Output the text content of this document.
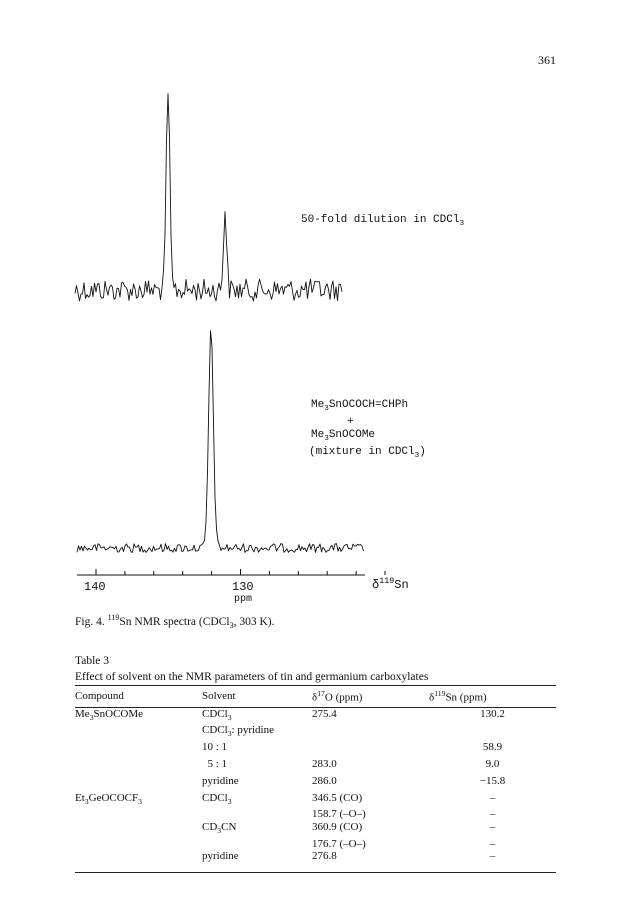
361
50-fold dilution in CDCl$_3$
$Me_3SnOCOCH=CHPh$
+
$Me_3SnOCOMe$
(mixture in CDCl$_3$)
140	130
ppm
$\delta^{119}Sn$
Fig. 4. $^{119}$Sn NMR spectra (CDCl$_3$, 303 K).
Table 3
Effect of solvent on the NMR parameters of tin and germanium carboxylates
Compound	Solvent	$\delta^{17}O$ (ppm)	$\delta^{119}Sn$ (ppm)
$Me_3SnOCOMe$	CDCl$_3$	275.4	130.2
	CDCl$_3$: pyridine		
	10 : 1		58.9
	5 : 1	283.0	9.0
	pyridine	286.0	−15.8
$Et_3GeOCOCF_3$	CDCl$_3$	346.5 (CO)	–
		158.7 (–O–)	–
	$CD_3CN$	360.9 (CO)	–
		176.7 (–O–)	–
	pyridine	276.8	–
